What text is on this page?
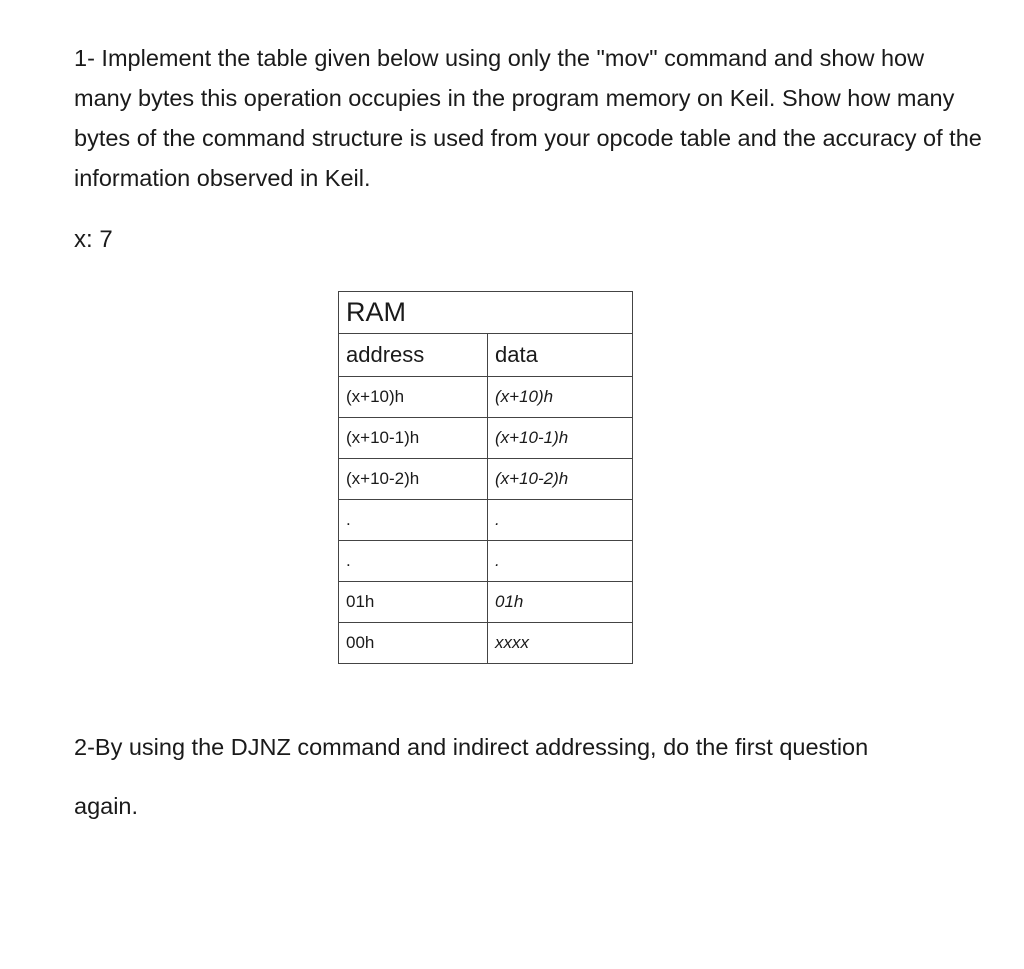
1- Implement the table given below using only the "mov" command and show how many bytes this operation occupies in the program memory on Keil. Show how many bytes of the command structure is used from your opcode table and the accuracy of the information observed in Keil.

x: 7

RAM	
address	data
(x+10)h	(x+10)h
(x+10-1)h	(x+10-1)h
(x+10-2)h	(x+10-2)h
.	.
.	.
01h	01h
00h	xxxx

2-By using the DJNZ command and indirect addressing, do the first question

again.
